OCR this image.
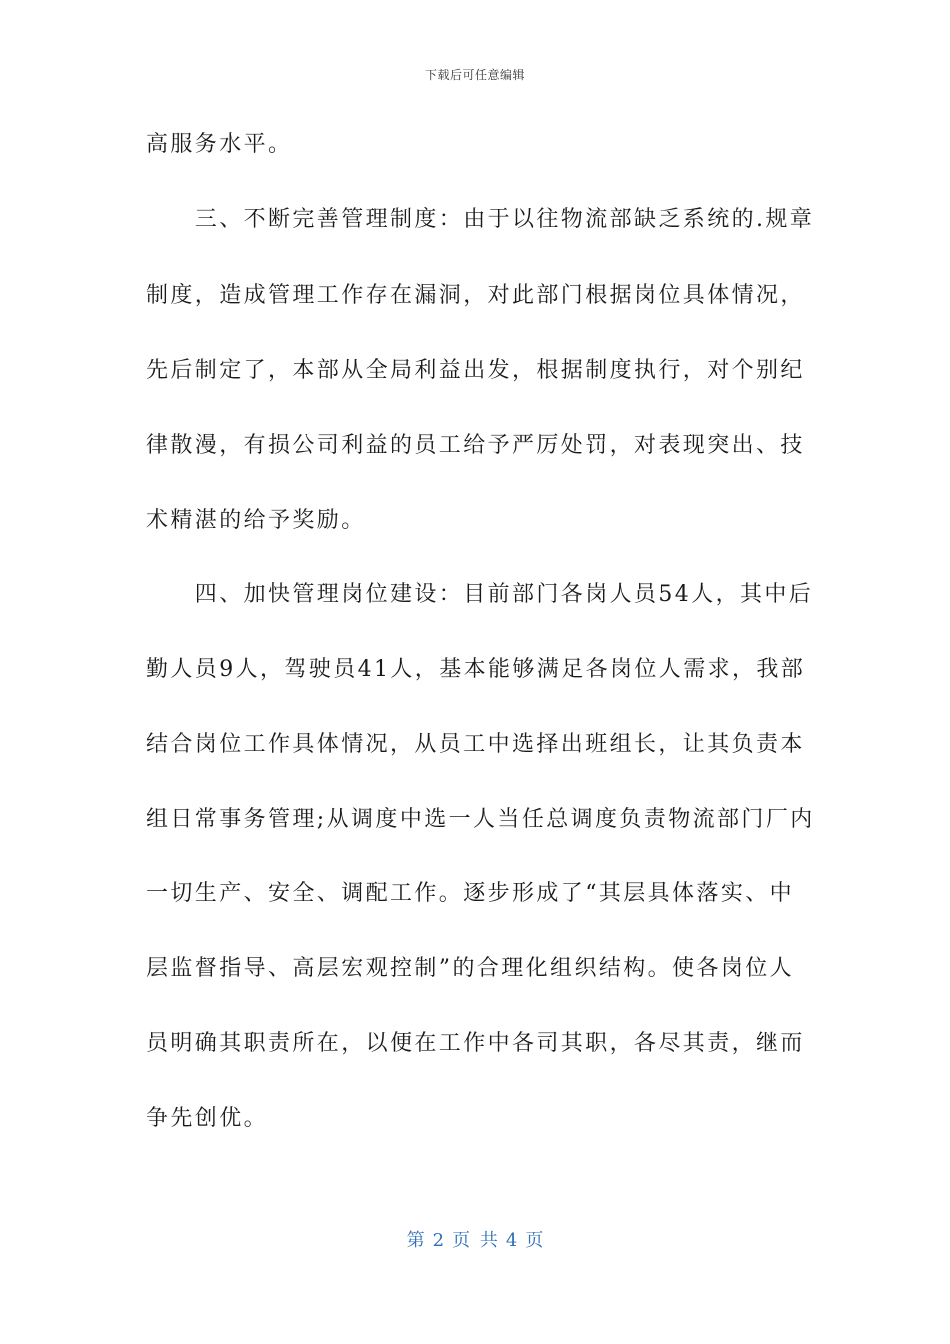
下载后可任意编辑
高服务水平。
　　三、不断完善管理制度：由于以往物流部缺乏系统的.规章
制度，造成管理工作存在漏洞，对此部门根据岗位具体情况，
先后制定了，本部从全局利益出发，根据制度执行，对个别纪
律散漫，有损公司利益的员工给予严厉处罚，对表现突出、技
术精湛的给予奖励。
　　四、加快管理岗位建设：目前部门各岗人员54人，其中后
勤人员9人，驾驶员41人，基本能够满足各岗位人需求，我部
结合岗位工作具体情况，从员工中选择出班组长，让其负责本
组日常事务管理;从调度中选一人当任总调度负责物流部门厂内
一切生产、安全、调配工作。逐步形成了“其层具体落实、中
层监督指导、高层宏观控制”的合理化组织结构。使各岗位人
员明确其职责所在，以便在工作中各司其职，各尽其责，继而
争先创优。
第 2 页 共 4 页
